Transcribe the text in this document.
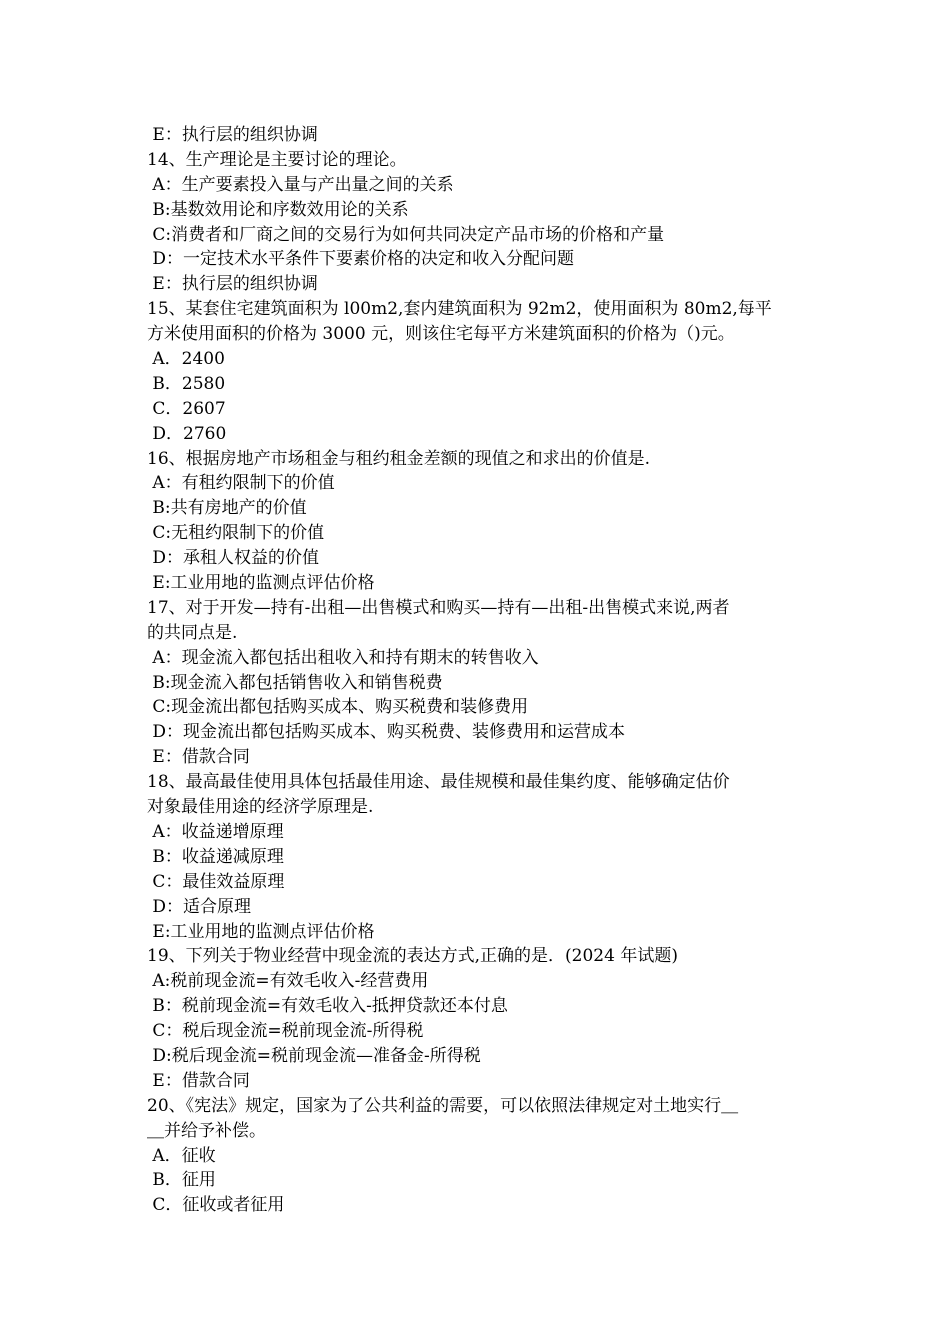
E：执行层的组织协调
14、生产理论是主要讨论的理论。
A：生产要素投入量与产出量之间的关系
B:基数效用论和序数效用论的关系
C:消费者和厂商之间的交易行为如何共同决定产品市场的价格和产量
D：一定技术水平条件下要素价格的决定和收入分配问题
E：执行层的组织协调
15、某套住宅建筑面积为 l00m2,套内建筑面积为 92m2，使用面积为 80m2,每平
方米使用面积的价格为 3000 元，则该住宅每平方米建筑面积的价格为（)元。
A．2400
B．2580
C．2607
D．2760
16、根据房地产市场租金与租约租金差额的现值之和求出的价值是.
A：有租约限制下的价值
B:共有房地产的价值
C:无租约限制下的价值
D：承租人权益的价值
E:工业用地的监测点评估价格
17、对于开发—持有-出租—出售模式和购买—持有—出租-出售模式来说,两者
的共同点是.
A：现金流入都包括出租收入和持有期末的转售收入
B:现金流入都包括销售收入和销售税费
C:现金流出都包括购买成本、购买税费和装修费用
D：现金流出都包括购买成本、购买税费、装修费用和运营成本
E：借款合同
18、最高最佳使用具体包括最佳用途、最佳规模和最佳集约度、能够确定估价
对象最佳用途的经济学原理是.
A：收益递增原理
B：收益递减原理
C：最佳效益原理
D：适合原理
E:工业用地的监测点评估价格
19、下列关于物业经营中现金流的表达方式,正确的是．(2024 年试题)
A:税前现金流=有效毛收入-经营费用
B：税前现金流=有效毛收入-抵押贷款还本付息
C：税后现金流=税前现金流-所得税
D:税后现金流=税前现金流—准备金-所得税
E：借款合同
20、《宪法》规定，国家为了公共利益的需要，可以依照法律规定对土地实行＿
＿并给予补偿。
A．征收
B．征用
C．征收或者征用
